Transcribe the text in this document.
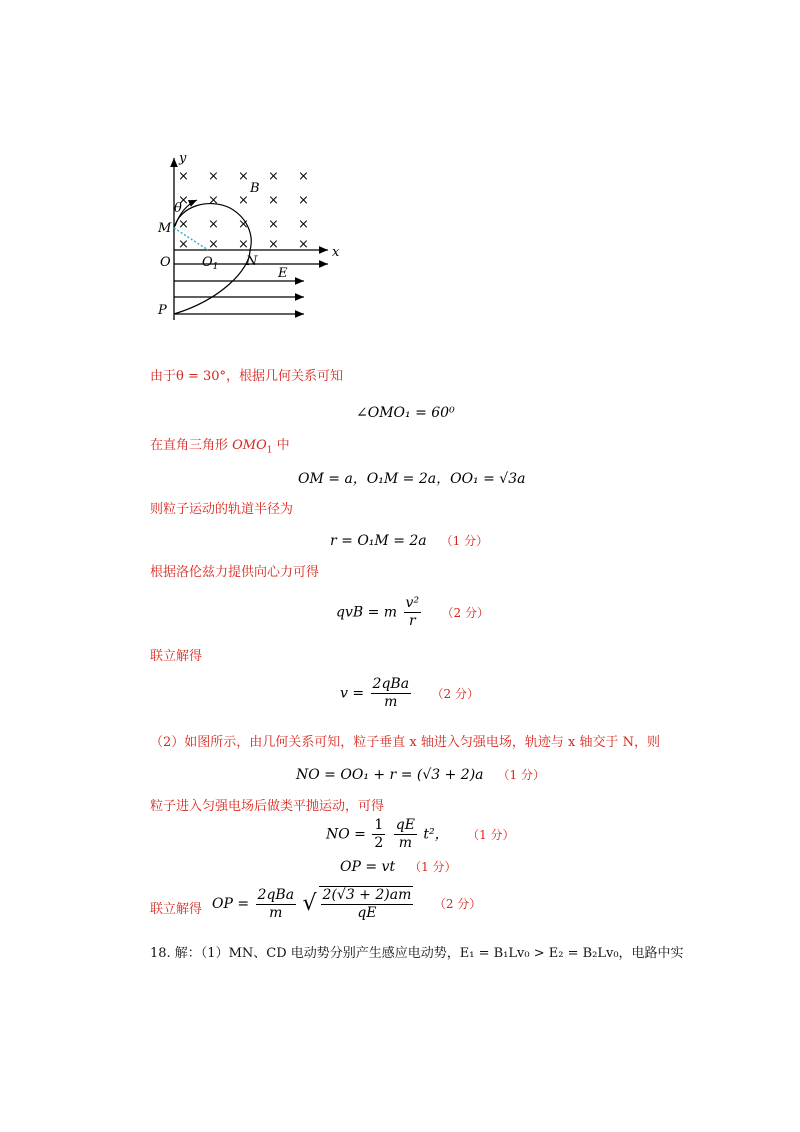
× × × × ×
× × × × ×
× × × × ×
× × × × ×
y
x
B
θ
M
O $O_1$ N
E
P
由于θ = 30°，根据几何关系可知
∠OMO₁ = 60⁰
在直角三角形 $OMO_1$ 中
OM = a，O₁M = 2a，OO₁ = √3a
则粒子运动的轨道半径为
r = O₁M = 2a （1 分）
根据洛伦兹力提供向心力可得
qvB = m $\frac{\text{v²}}{r} (2$ 分）
联立解得
$v = \frac{\text{2qBa}}{m} (2$ 分）
（2）如图所示，由几何关系可知，粒子垂直 x 轴进入匀强电场，轨迹与 x 轴交于 N，则
NO = OO₁ + r = (√3 + 2)a （1 分）
粒子进入匀强电场后做类平抛运动，可得
NO = $\frac{1}{2}$
$\frac{qE}{m} t^2$， （1 分）
OP = vt （1 分）
联立解得 OP = $\frac{\text{2qBa}}{m}$ √ $\frac{2(√3 + 2)am}{qE} (2$ 分）
18. 解：（1）MN、CD 电动势分别产生感应电动势，E₁ = B₁Lv₀ > E₂ = B₂Lv₀，电路中实
